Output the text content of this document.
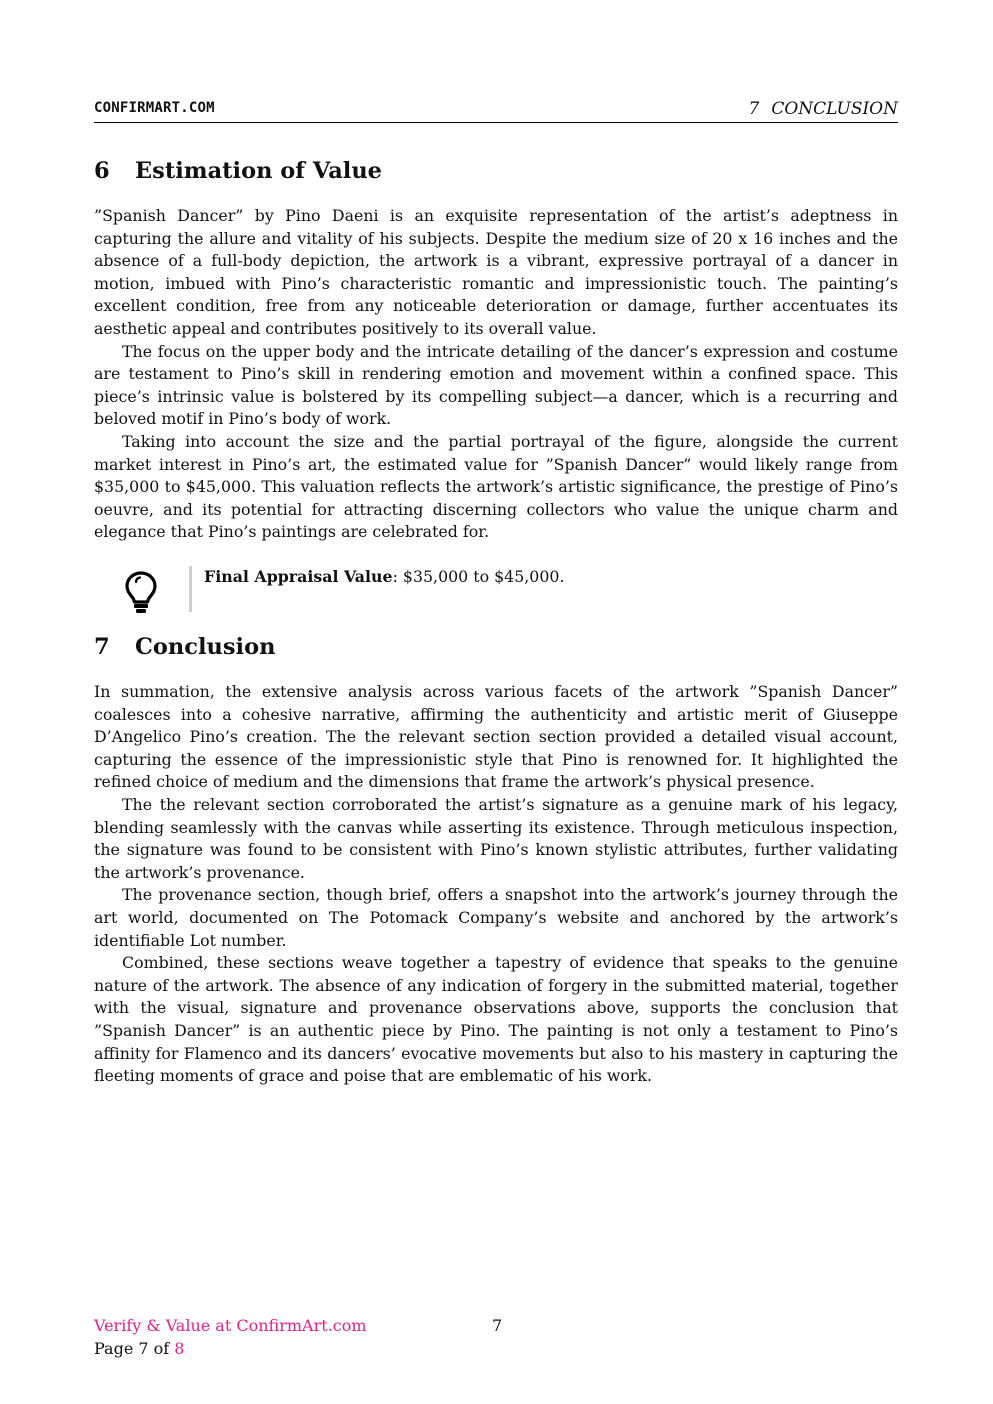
CONFIRMART.COM	7 CONCLUSION
6 Estimation of Value

”Spanish Dancer” by Pino Daeni is an exquisite representation of the artist’s adeptness in capturing the allure and vitality of his subjects. Despite the medium size of 20 x 16 inches and the absence of a full-body depiction, the artwork is a vibrant, expressive portrayal of a dancer in motion, imbued with Pino’s characteristic romantic and impressionistic touch. The painting’s excellent condition, free from any noticeable deterioration or damage, further accentuates its aesthetic appeal and contributes positively to its overall value.

The focus on the upper body and the intricate detailing of the dancer’s expression and costume are testament to Pino’s skill in rendering emotion and movement within a confined space. This piece’s intrinsic value is bolstered by its compelling subject—a dancer, which is a recurring and beloved motif in Pino’s body of work.

Taking into account the size and the partial portrayal of the figure, alongside the current market interest in Pino’s art, the estimated value for ”Spanish Dancer” would likely range from $35,000 to $45,000. This valuation reflects the artwork’s artistic significance, the prestige of Pino’s oeuvre, and its potential for attracting discerning collectors who value the unique charm and elegance that Pino’s paintings are celebrated for.

Final Appraisal Value: $35,000 to $45,000.
7 Conclusion

In summation, the extensive analysis across various facets of the artwork ”Spanish Dancer” coalesces into a cohesive narrative, affirming the authenticity and artistic merit of Giuseppe D’Angelico Pino’s creation. The the relevant section section provided a detailed visual account, capturing the essence of the impressionistic style that Pino is renowned for. It highlighted the refined choice of medium and the dimensions that frame the artwork’s physical presence.

The the relevant section corroborated the artist’s signature as a genuine mark of his legacy, blending seamlessly with the canvas while asserting its existence. Through meticulous inspection, the signature was found to be consistent with Pino’s known stylistic attributes, further validating the artwork’s provenance.

The provenance section, though brief, offers a snapshot into the artwork’s journey through the art world, documented on The Potomack Company’s website and anchored by the artwork’s identifiable Lot number.

Combined, these sections weave together a tapestry of evidence that speaks to the genuine nature of the artwork. The absence of any indication of forgery in the submitted material, together with the visual, signature and provenance observations above, supports the conclusion that ”Spanish Dancer” is an authentic piece by Pino. The painting is not only a testament to Pino’s affinity for Flamenco and its dancers’ evocative movements but also to his mastery in capturing the fleeting moments of grace and poise that are emblematic of his work.

Verify & Value at ConfirmArt.com	7
Page 7 of 8
